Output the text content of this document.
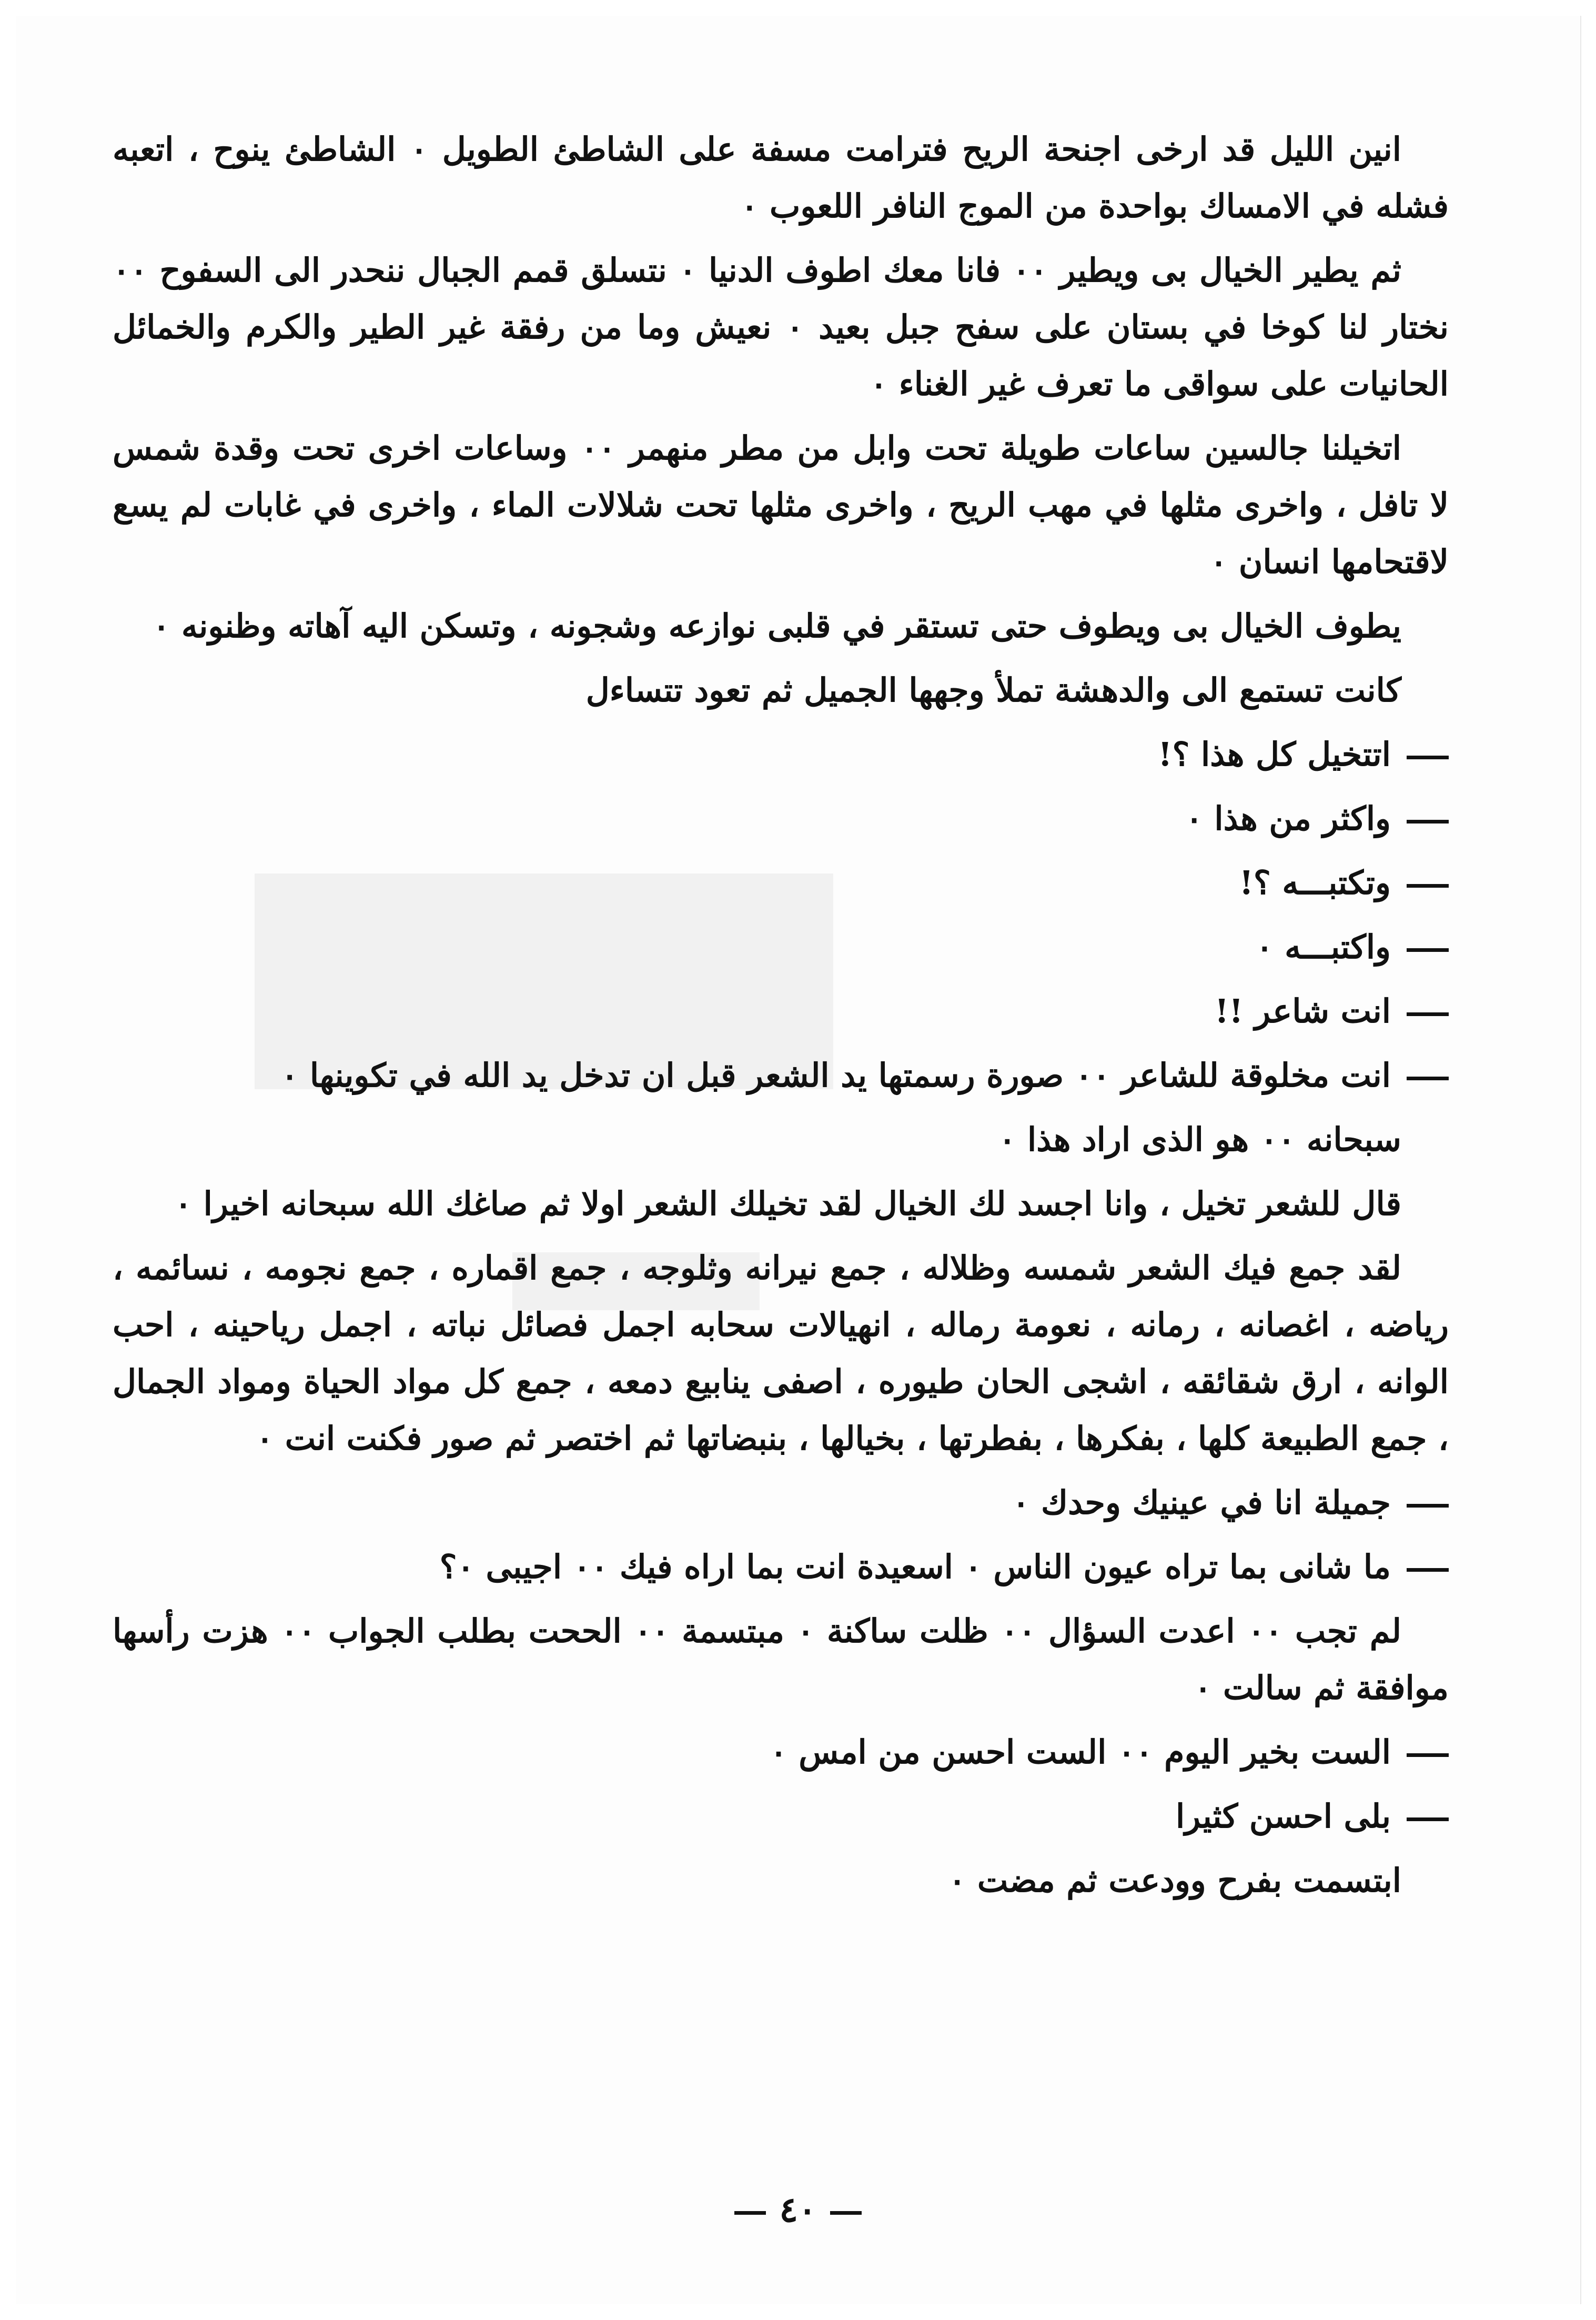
انين الليل قد ارخى اجنحة الريح فترامت مسفة على الشاطئ الطويل ٠ الشاطئ ينوح ، اتعبه فشله في الامساك بواحدة من الموج النافر اللعوب ٠

ثم يطير الخيال بى ويطير ٠٠ فانا معك اطوف الدنيا ٠ نتسلق قمم الجبال ننحدر الى السفوح ٠٠ نختار لنا كوخا في بستان على سفح جبل بعيد ٠ نعيش وما من رفقة غير الطير والكرم والخمائل الحانيات على سواقى ما تعرف غير الغناء ٠

اتخيلنا جالسين ساعات طويلة تحت وابل من مطر منهمر ٠٠ وساعات اخرى تحت وقدة شمس لا تافل ، واخرى مثلها في مهب الريح ، واخرى مثلها تحت شلالات الماء ، واخرى في غابات لم يسع لاقتحامها انسان ٠

يطوف الخيال بى ويطوف حتى تستقر في قلبى نوازعه وشجونه ، وتسكن اليه آهاته وظنونه ٠

كانت تستمع الى والدهشة تملأ وجهها الجميل ثم تعود تتساءل

اتتخيل كل هذا ؟!
واكثر من هذا ٠
وتكتبـــه ؟!
واكتبـــه ٠
انت شاعر !!
انت مخلوقة للشاعر ٠٠ صورة رسمتها يد الشعر قبل ان تدخل يد الله في تكوينها ٠

سبحانه ٠٠ هو الذى اراد هذا ٠

قال للشعر تخيل ، وانا اجسد لك الخيال لقد تخيلك الشعر اولا ثم صاغك الله سبحانه اخيرا ٠

لقد جمع فيك الشعر شمسه وظلاله ، جمع نيرانه وثلوجه ، جمع اقماره ، جمع نجومه ، نسائمه ، رياضه ، اغصانه ، رمانه ، نعومة رماله ، انهيالات سحابه اجمل فصائل نباته ، اجمل رياحينه ، احب الوانه ، ارق شقائقه ، اشجى الحان طيوره ، اصفى ينابيع دمعه ، جمع كل مواد الحياة ومواد الجمال ، جمع الطبيعة كلها ، بفكرها ، بفطرتها ، بخيالها ، بنبضاتها ثم اختصر ثم صور فكنت انت ٠

جميلة انا في عينيك وحدك ٠
ما شانى بما تراه عيون الناس ٠ اسعيدة انت بما اراه فيك ٠٠ اجيبى ٠؟

لم تجب ٠٠ اعدت السؤال ٠٠ ظلت ساكنة ٠ مبتسمة ٠٠ الححت بطلب الجواب ٠٠ هزت رأسها موافقة ثم سالت ٠

الست بخير اليوم ٠٠ الست احسن من امس ٠
بلى احسن كثيرا

ابتسمت بفرح وودعت ثم مضت ٠

٤٠
